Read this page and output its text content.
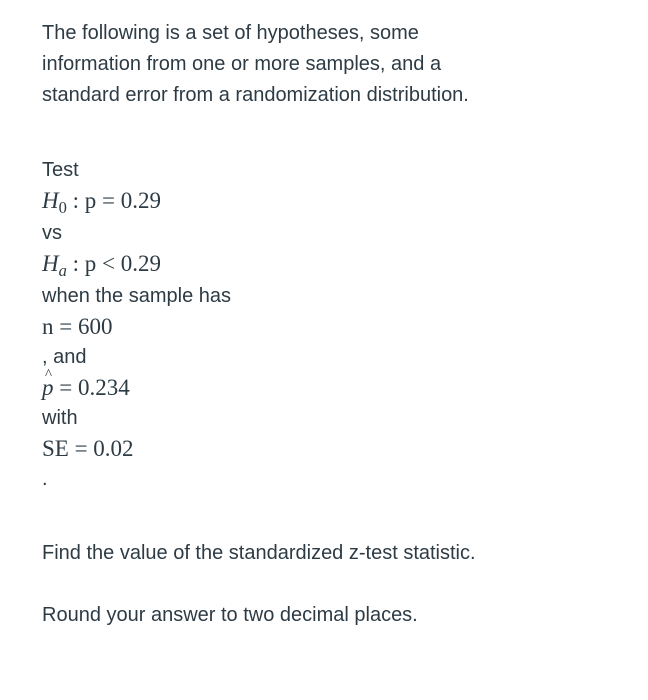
The following is a set of hypotheses, some information from one or more samples, and a standard error from a randomization distribution.

Test
$H_0$ : p = 0.29
vs
$H_a$ : p < 0.29
when the sample has
n = 600
, and
^ p = 0.234
with
SE = 0.02
.

Find the value of the standardized z-test statistic.

Round your answer to two decimal places.
